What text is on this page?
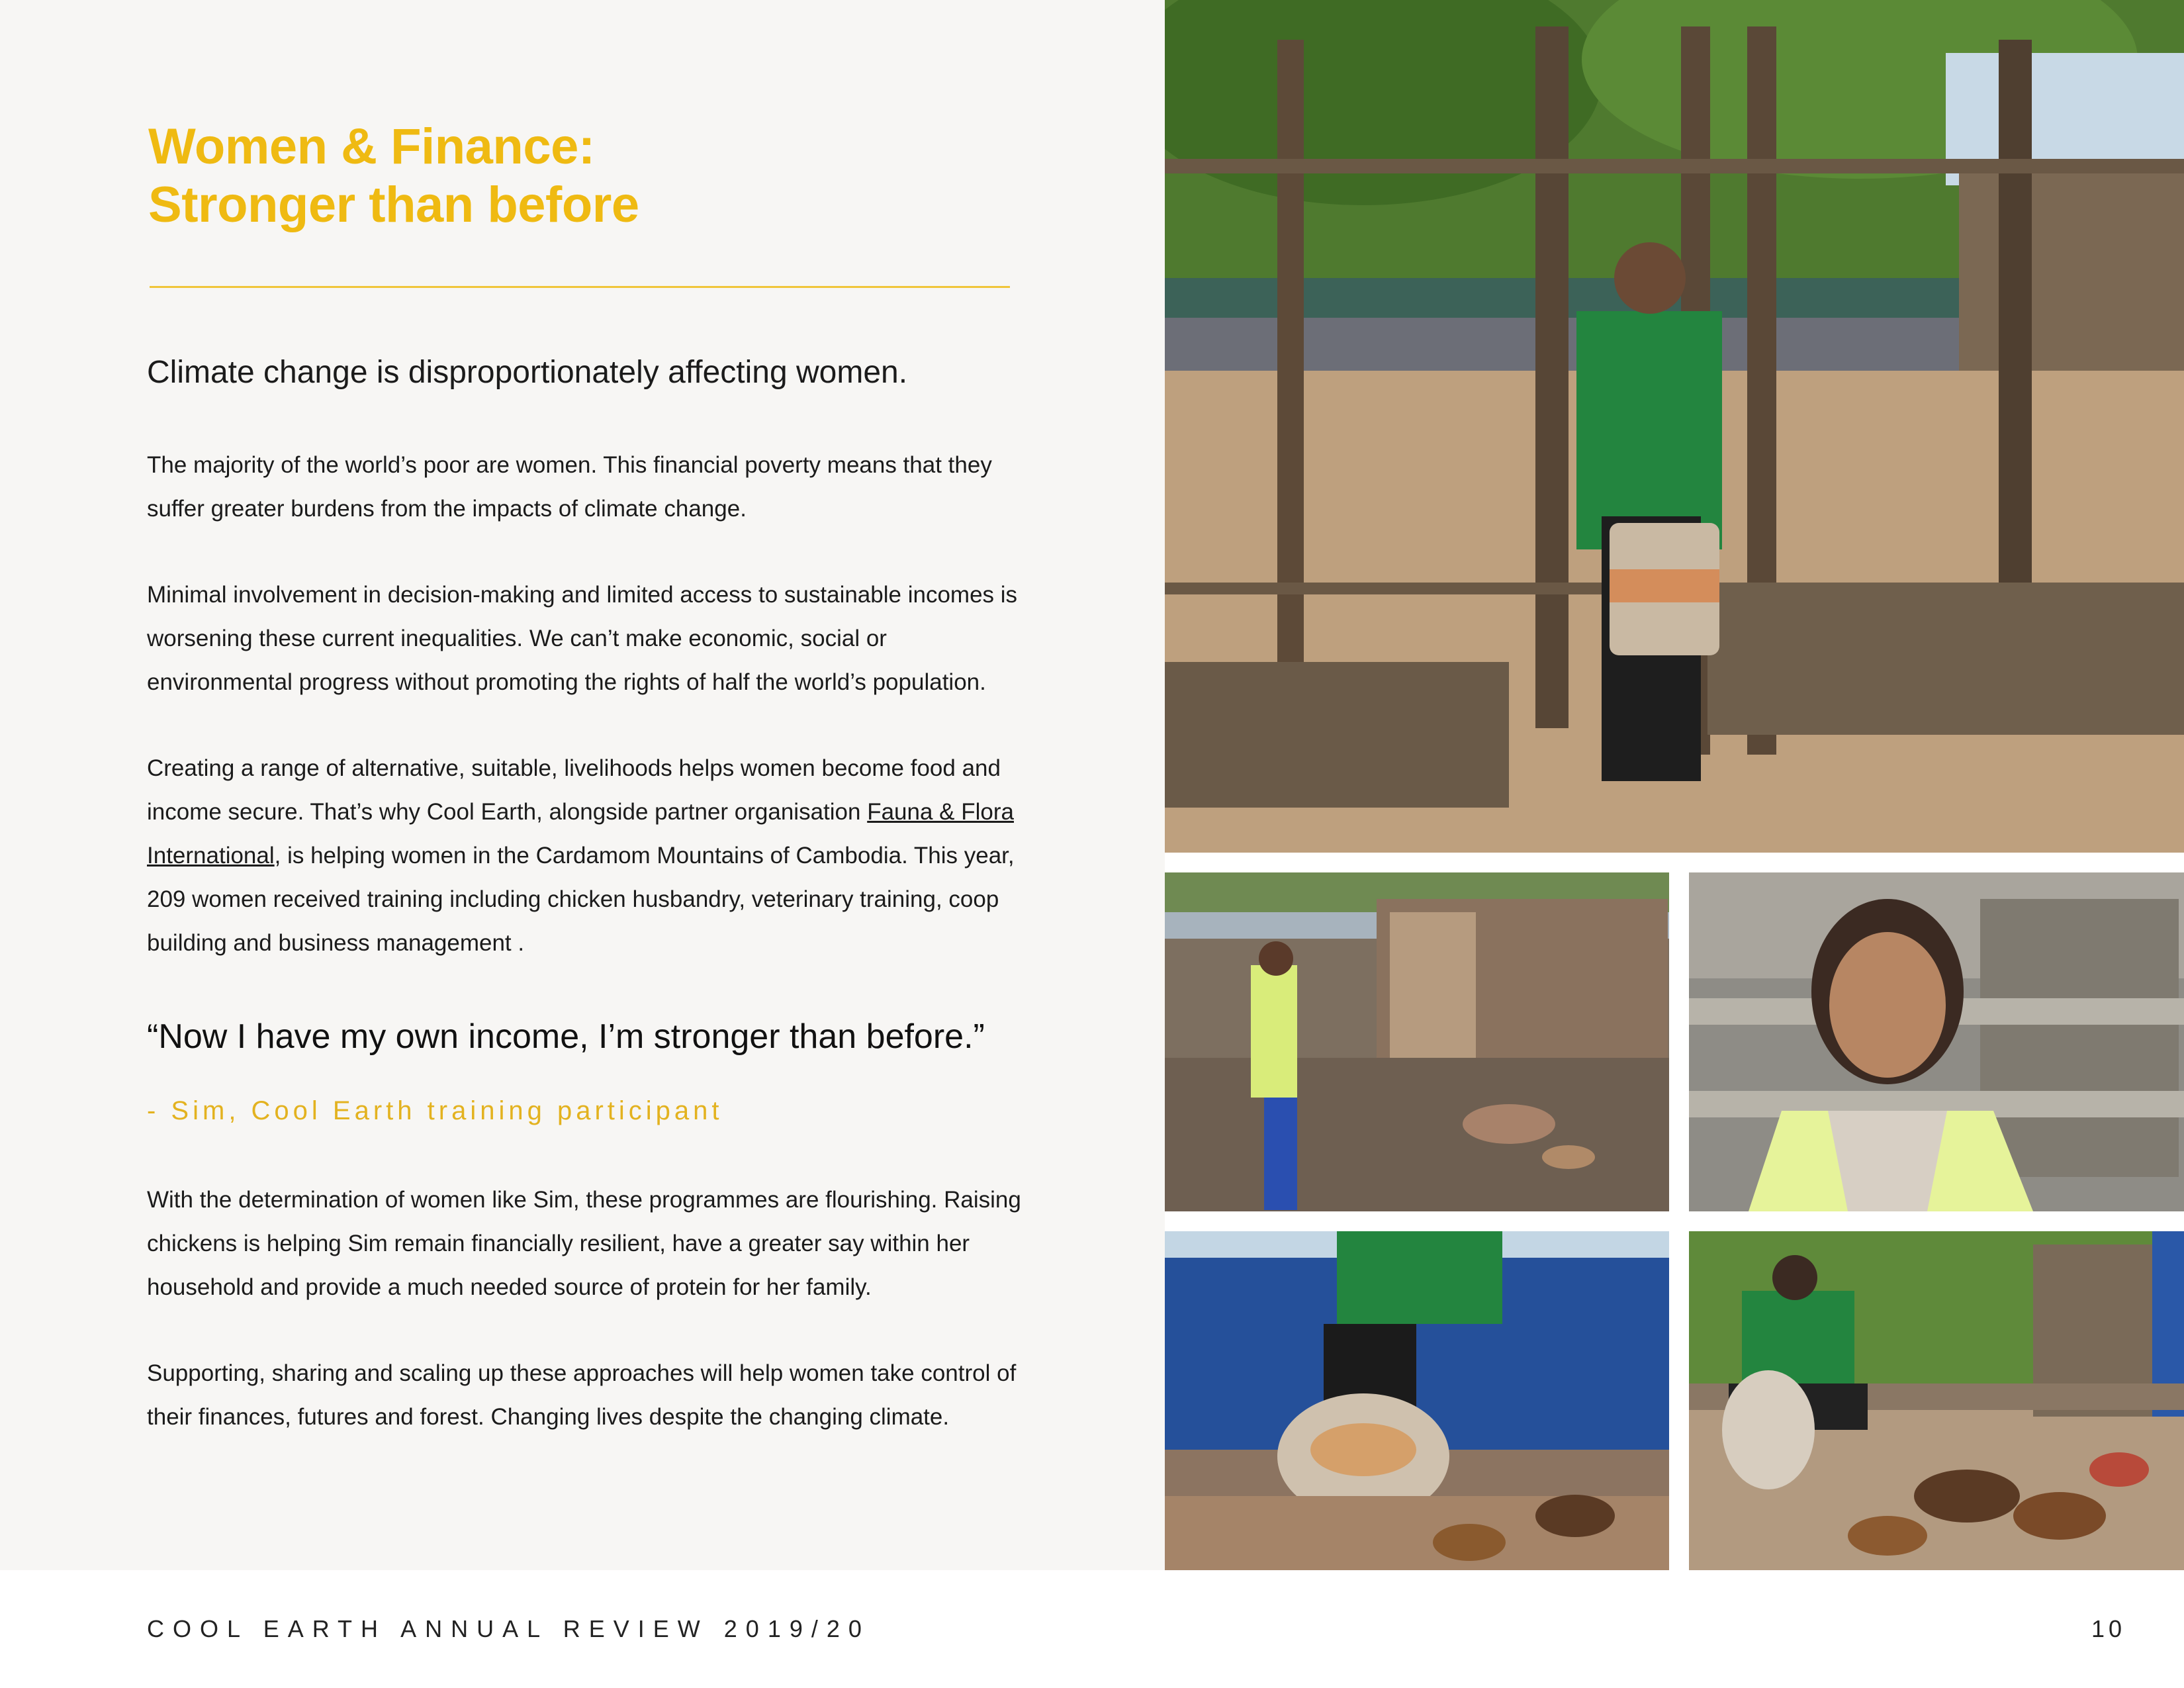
Women & Finance:
Stronger than before

Climate change is disproportionately affecting women.

The majority of the world’s poor are women. This financial poverty means that they suffer greater burdens from the impacts of climate change.

Minimal involvement in decision-making and limited access to sustainable incomes is worsening these current inequalities. We can’t make economic, social or environmental progress without promoting the rights of half the world’s population.

Creating a range of alternative, suitable, livelihoods helps women become food and income secure. That’s why Cool Earth, alongside partner organisation Fauna & Flora International, is helping women in the Cardamom Mountains of Cambodia. This year, 209 women received training including chicken husbandry, veterinary training, coop building and business management .

“Now I have my own income, I’m stronger than before.”

- Sim, Cool Earth training participant

With the determination of women like Sim, these programmes are flourishing. Raising chickens is helping Sim remain financially resilient, have a greater say within her household and provide a much needed source of protein for her family.

Supporting, sharing and scaling up these approaches will help women take control of their finances, futures and forest. Changing lives despite the changing climate.

COOL EARTH ANNUAL REVIEW 2019/20	10
